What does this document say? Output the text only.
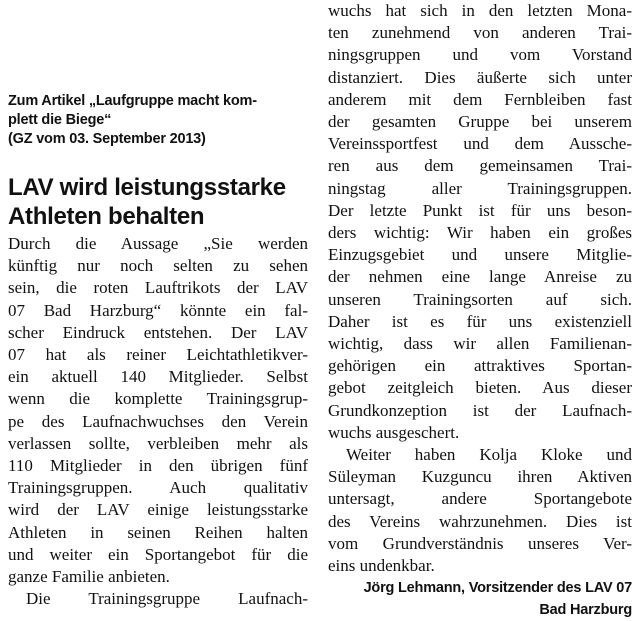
Zum Artikel „Laufgruppe macht kom-
plett die Biege“
(GZ vom 03. September 2013)
LAV wird leistungsstarke
Athleten behalten
Durch die Aussage „Sie werden
künftig nur noch selten zu sehen
sein, die roten Lauftrikots der LAV
07 Bad Harzburg“ könnte ein fal-
scher Eindruck entstehen. Der LAV
07 hat als reiner Leichtathletikver-
ein aktuell 140 Mitglieder. Selbst
wenn die komplette Trainingsgrup-
pe des Laufnachwuchses den Verein
verlassen sollte, verbleiben mehr als
110 Mitglieder in den übrigen fünf
Trainingsgruppen. Auch qualitativ
wird der LAV einige leistungsstarke
Athleten in seinen Reihen halten
und weiter ein Sportangebot für die
ganze Familie anbieten.
Die Trainingsgruppe Laufnach-
wuchs hat sich in den letzten Mona-
ten zunehmend von anderen Trai-
ningsgruppen und vom Vorstand
distanziert. Dies äußerte sich unter
anderem mit dem Fernbleiben fast
der gesamten Gruppe bei unserem
Vereinssportfest und dem Aussche-
ren aus dem gemeinsamen Trai-
ningstag aller Trainingsgruppen.
Der letzte Punkt ist für uns beson-
ders wichtig: Wir haben ein großes
Einzugsgebiet und unsere Mitglie-
der nehmen eine lange Anreise zu
unseren Trainingsorten auf sich.
Daher ist es für uns existenziell
wichtig, dass wir allen Familienan-
gehörigen ein attraktives Sportan-
gebot zeitgleich bieten. Aus dieser
Grundkonzeption ist der Laufnach-
wuchs ausgeschert.
Weiter haben Kolja Kloke und
Süleyman Kuzguncu ihren Aktiven
untersagt, andere Sportangebote
des Vereins wahrzunehmen. Dies ist
vom Grundverständnis unseres Ver-
eins undenkbar.
Jörg Lehmann, Vorsitzender des LAV 07
Bad Harzburg
